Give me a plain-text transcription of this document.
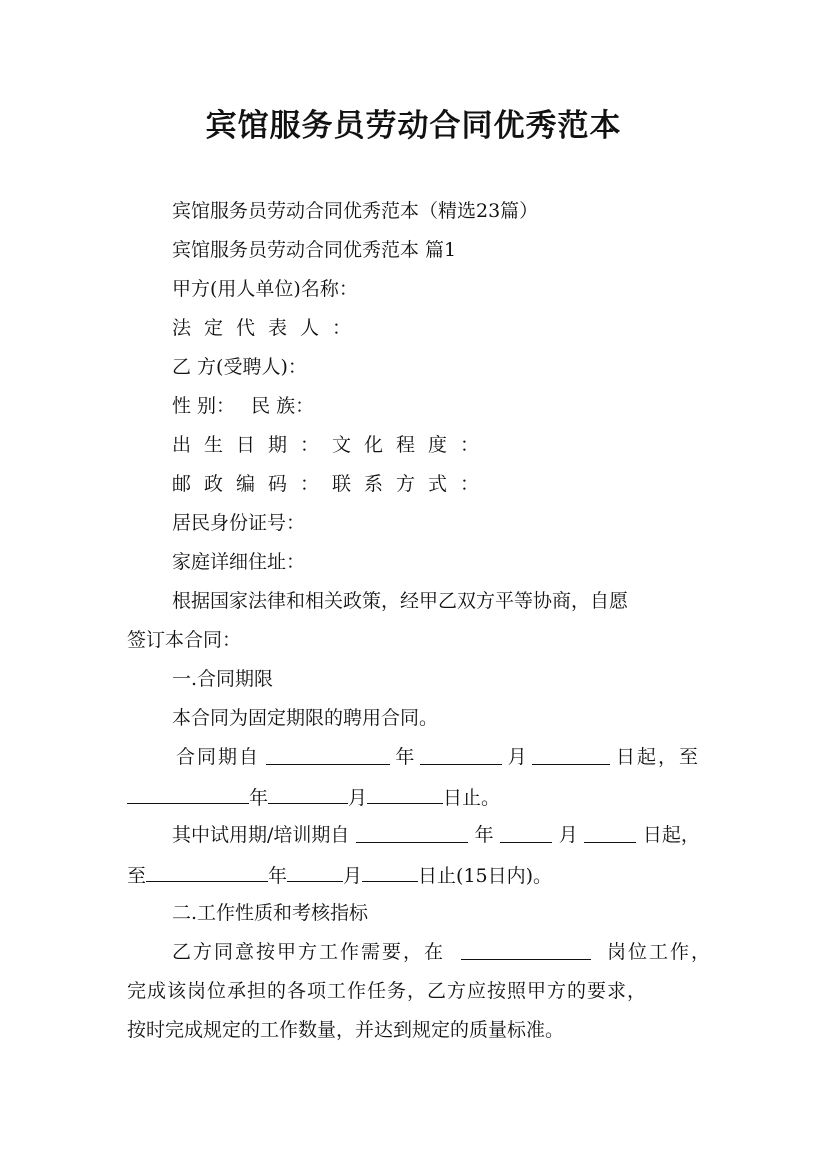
宾馆服务员劳动合同优秀范本

宾馆服务员劳动合同优秀范本（精选23篇）

宾馆服务员劳动合同优秀范本 篇1

甲方(用人单位)名称：

法定代表人：

乙 方(受聘人)：

性 别： 民 族：

出生日期：文化程度：

邮政编码：联系方式：

居民身份证号：

家庭详细住址：

根据国家法律和相关政策，经甲乙双方平等协商，自愿

签订本合同：

一.合同期限

本合同为固定期限的聘用合同。

合同期自	年	月	日起，至

年	月	日止。

其中试用期/培训期自	年	月	日起，

至	年	月	日止(15日内)。

二.工作性质和考核指标

乙方同意按甲方工作需要，在	岗位工作，

完成该岗位承担的各项工作任务，乙方应按照甲方的要求，

按时完成规定的工作数量，并达到规定的质量标准。
